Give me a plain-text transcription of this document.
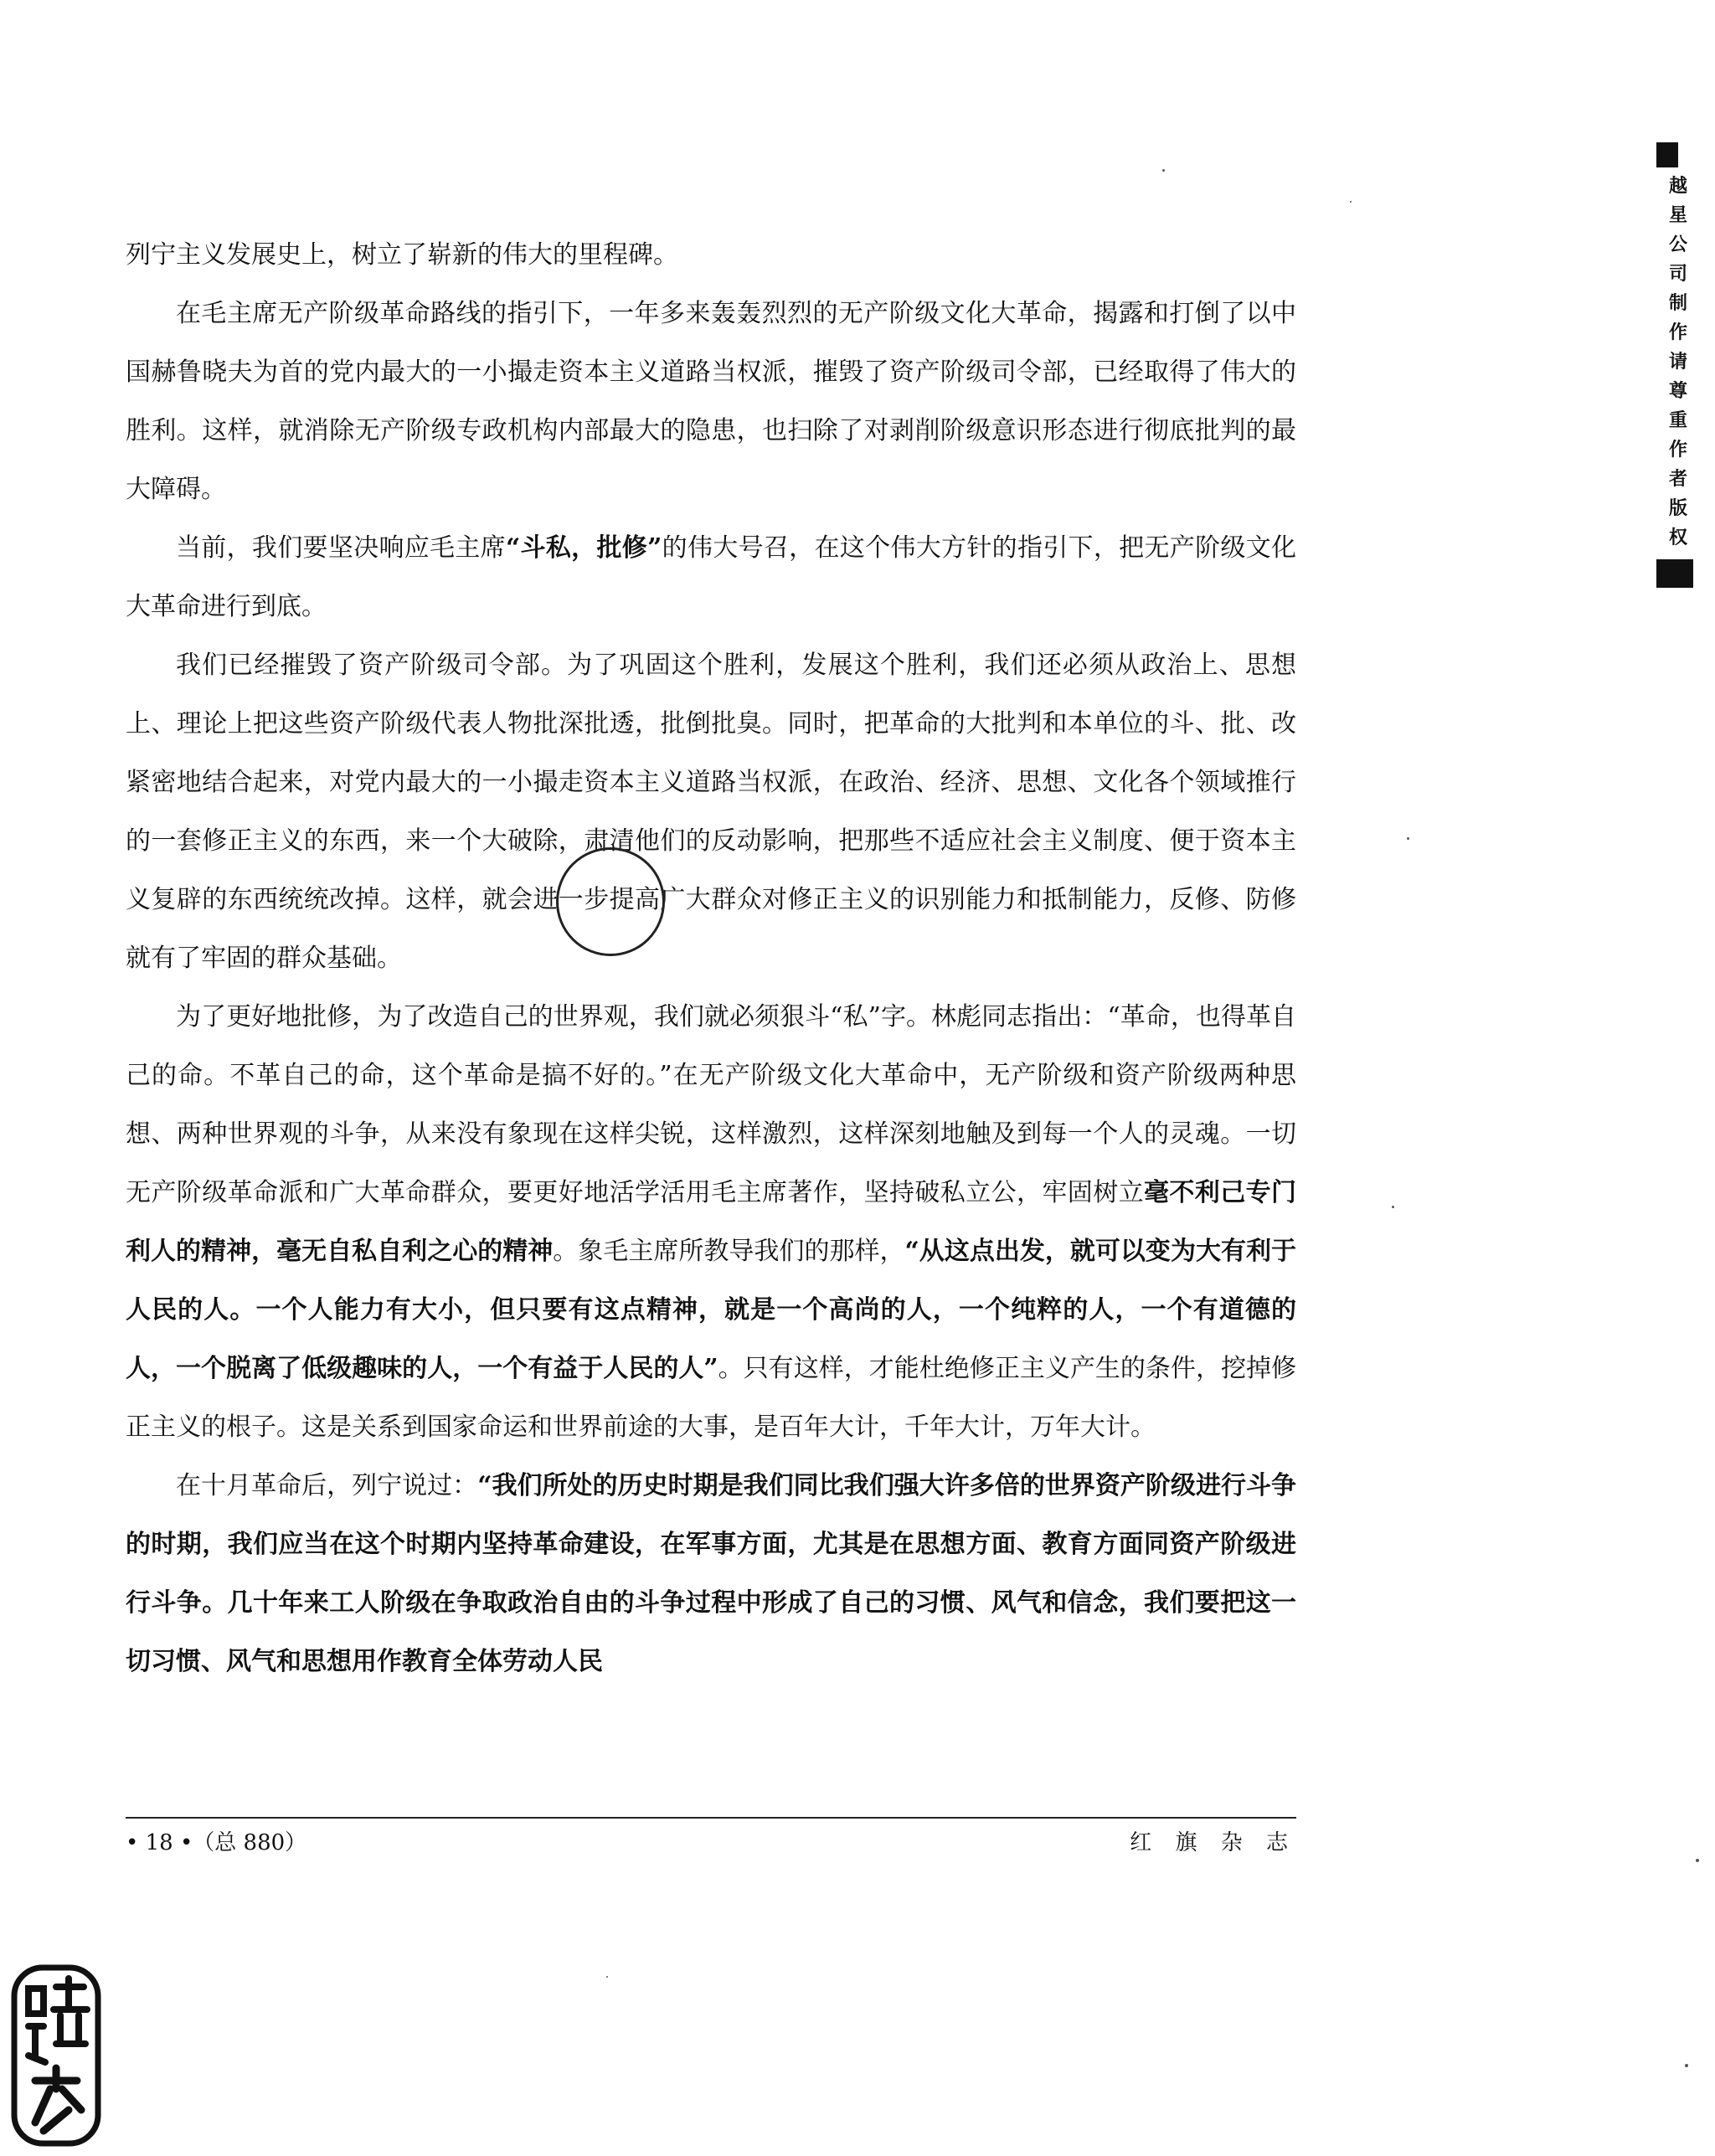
列宁主义发展史上，树立了崭新的伟大的里程碑。

在毛主席无产阶级革命路线的指引下，一年多来轰轰烈烈的无产阶级文化大革命，揭露和打倒了以中国赫鲁晓夫为首的党内最大的一小撮走资本主义道路当权派，摧毁了资产阶级司令部，已经取得了伟大的胜利。这样，就消除无产阶级专政机构内部最大的隐患，也扫除了对剥削阶级意识形态进行彻底批判的最大障碍。

当前，我们要坚决响应毛主席“斗私，批修”的伟大号召，在这个伟大方针的指引下，把无产阶级文化大革命进行到底。

我们已经摧毁了资产阶级司令部。为了巩固这个胜利，发展这个胜利，我们还必须从政治上、思想上、理论上把这些资产阶级代表人物批深批透，批倒批臭。同时，把革命的大批判和本单位的斗、批、改紧密地结合起来，对党内最大的一小撮走资本主义道路当权派，在政治、经济、思想、文化各个领域推行的一套修正主义的东西，来一个大破除，肃清他们的反动影响，把那些不适应社会主义制度、便于资本主义复辟的东西统统改掉。这样，就会进一步提高广大群众对修正主义的识别能力和抵制能力，反修、防修就有了牢固的群众基础。

为了更好地批修，为了改造自己的世界观，我们就必须狠斗“私”字。林彪同志指出：“革命，也得革自己的命。不革自己的命，这个革命是搞不好的。”在无产阶级文化大革命中，无产阶级和资产阶级两种思想、两种世界观的斗争，从来没有象现在这样尖锐，这样激烈，这样深刻地触及到每一个人的灵魂。一切无产阶级革命派和广大革命群众，要更好地活学活用毛主席著作，坚持破私立公，牢固树立毫不利己专门利人的精神，毫无自私自利之心的精神。象毛主席所教导我们的那样，“从这点出发，就可以变为大有利于人民的人。一个人能力有大小，但只要有这点精神，就是一个高尚的人，一个纯粹的人，一个有道德的人，一个脱离了低级趣味的人，一个有益于人民的人”。只有这样，才能杜绝修正主义产生的条件，挖掉修正主义的根子。这是关系到国家命运和世界前途的大事，是百年大计，千年大计，万年大计。

在十月革命后，列宁说过：“我们所处的历史时期是我们同比我们强大许多倍的世界资产阶级进行斗争的时期，我们应当在这个时期内坚持革命建设，在军事方面，尤其是在思想方面、教育方面同资产阶级进行斗争。几十年来工人阶级在争取政治自由的斗争过程中形成了自己的习惯、风气和信念，我们要把这一切习惯、风气和思想用作教育全体劳动人民

• 18 •（总 880）	红 旗 杂 志
越
星
公
司
制
作
请
尊
重
作
者
版
权
